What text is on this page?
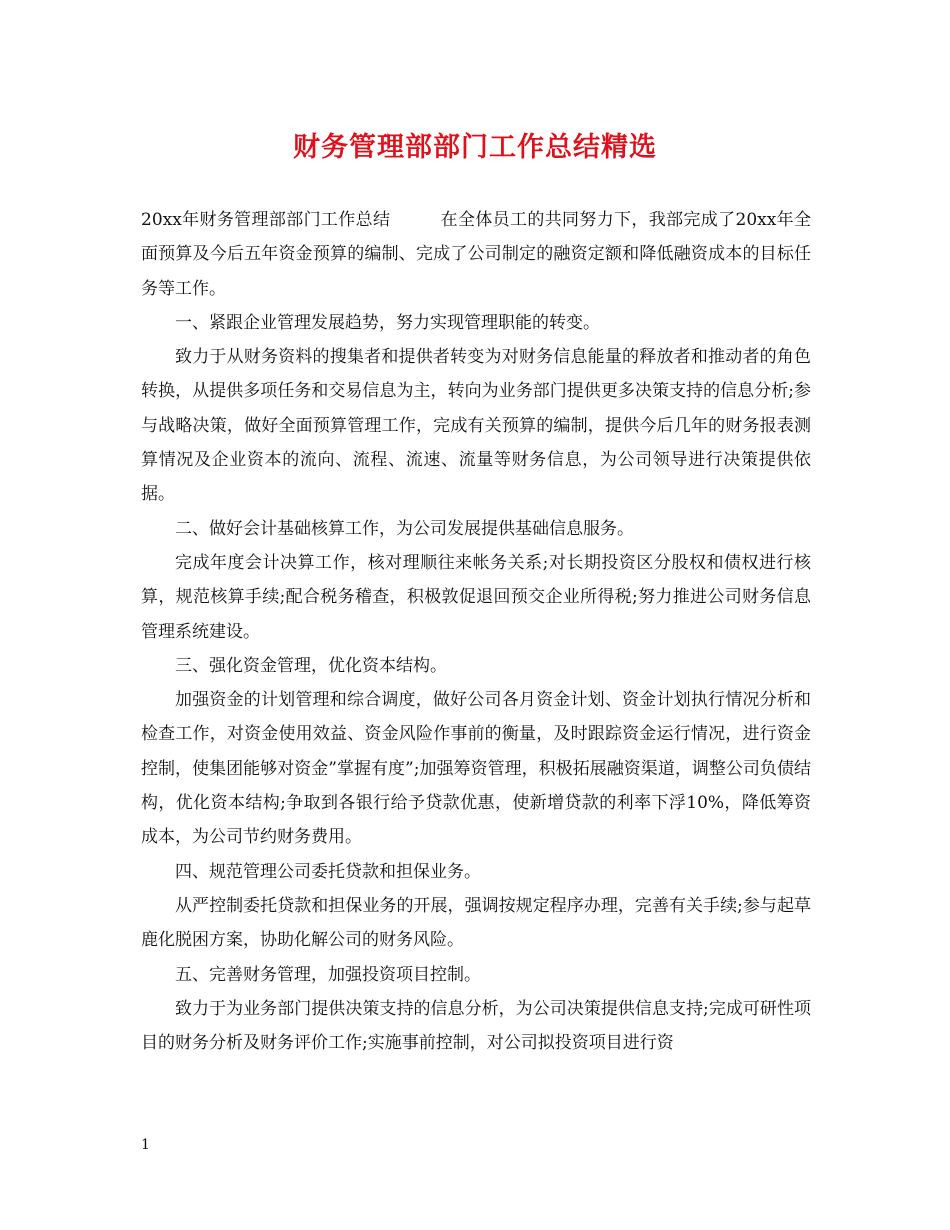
财务管理部部门工作总结精选

20xx年财务管理部部门工作总结	在全体员工的共同努力下，我部完成了20xx年全面预算及今后五年资金预算的编制、完成了公司制定的融资定额和降低融资成本的目标任务等工作。

一、紧跟企业管理发展趋势，努力实现管理职能的转变。

致力于从财务资料的搜集者和提供者转变为对财务信息能量的释放者和推动者的角色转换，从提供多项任务和交易信息为主，转向为业务部门提供更多决策支持的信息分析;参与战略决策，做好全面预算管理工作，完成有关预算的编制，提供今后几年的财务报表测算情况及企业资本的流向、流程、流速、流量等财务信息，为公司领导进行决策提供依据。

二、做好会计基础核算工作，为公司发展提供基础信息服务。

完成年度会计决算工作，核对理顺往来帐务关系;对长期投资区分股权和债权进行核算，规范核算手续;配合税务稽查，积极敦促退回预交企业所得税;努力推进公司财务信息管理系统建设。

三、强化资金管理，优化资本结构。

加强资金的计划管理和综合调度，做好公司各月资金计划、资金计划执行情况分析和检查工作，对资金使用效益、资金风险作事前的衡量，及时跟踪资金运行情况，进行资金控制，使集团能够对资金”掌握有度”;加强筹资管理，积极拓展融资渠道，调整公司负债结构，优化资本结构;争取到各银行给予贷款优惠，使新增贷款的利率下浮10%，降低筹资成本，为公司节约财务费用。

四、规范管理公司委托贷款和担保业务。

从严控制委托贷款和担保业务的开展，强调按规定程序办理，完善有关手续;参与起草鹿化脱困方案，协助化解公司的财务风险。

五、完善财务管理，加强投资项目控制。

致力于为业务部门提供决策支持的信息分析，为公司决策提供信息支持;完成可研性项目的财务分析及财务评价工作;实施事前控制，对公司拟投资项目进行资

1
